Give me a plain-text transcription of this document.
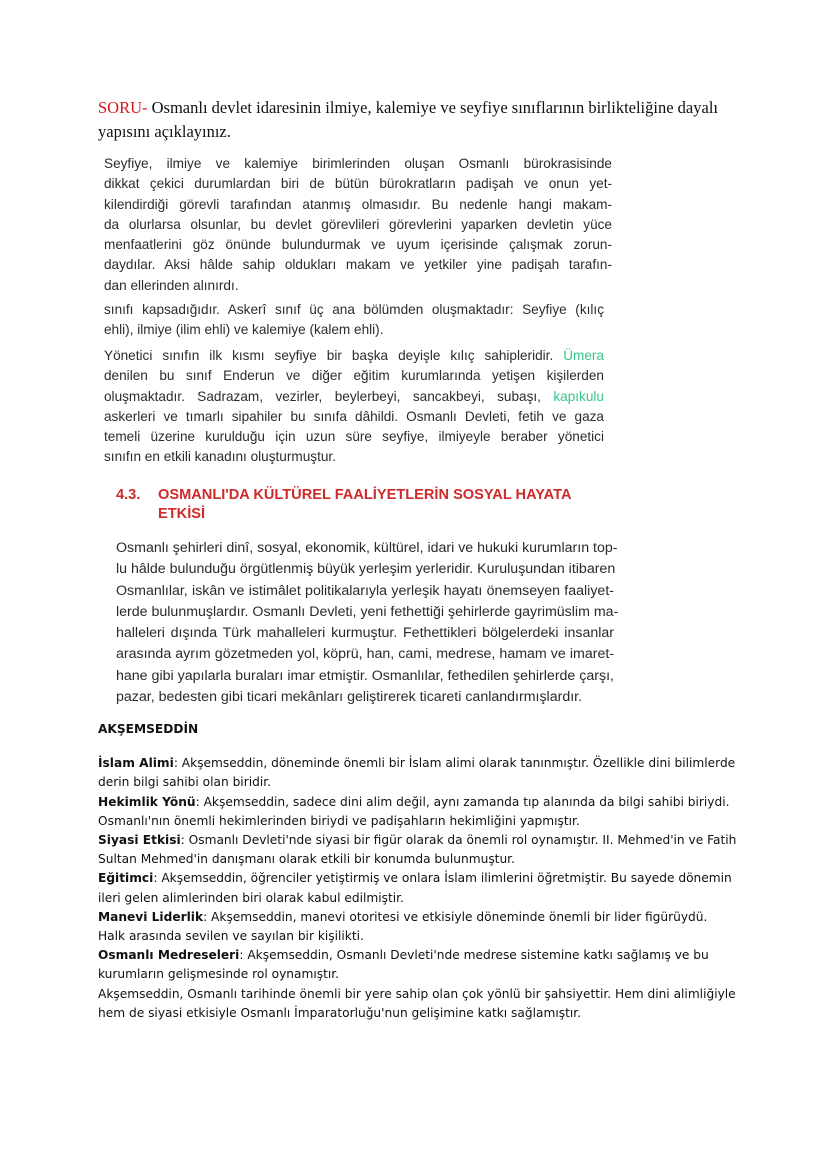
SORU- Osmanlı devlet idaresinin ilmiye, kalemiye ve seyfiye sınıflarının birlikteliğine dayalı
yapısını açıklayınız.
Seyfiye, ilmiye ve kalemiye birimlerinden oluşan Osmanlı bürokrasisinde
dikkat çekici durumlardan biri de bütün bürokratların padişah ve onun yet-
kilendirdiği görevli tarafından atanmış olmasıdır. Bu nedenle hangi makam-
da olurlarsa olsunlar, bu devlet görevlileri görevlerini yaparken devletin yüce
menfaatlerini göz önünde bulundurmak ve uyum içerisinde çalışmak zorun-
daydılar. Aksi hâlde sahip oldukları makam ve yetkiler yine padişah tarafın-
dan ellerinden alınırdı.
sınıfı kapsadığıdır. Askerî sınıf üç ana bölümden oluşmaktadır: Seyfiye (kılıç
ehli), ilmiye (ilim ehli) ve kalemiye (kalem ehli).
Yönetici sınıfın ilk kısmı seyfiye bir başka deyişle kılıç sahipleridir. Ümera
denilen bu sınıf Enderun ve diğer eğitim kurumlarında yetişen kişilerden
oluşmaktadır. Sadrazam, vezirler, beylerbeyi, sancakbeyi, subaşı, kapıkulu
askerleri ve tımarlı sipahiler bu sınıfa dâhildi. Osmanlı Devleti, fetih ve gaza
temeli üzerine kurulduğu için uzun süre seyfiye, ilmiyeyle beraber yönetici
sınıfın en etkili kanadını oluşturmuştur.
4.3. OSMANLI'DA KÜLTÜREL FAALİYETLERİN SOSYAL HAYATA
ETKİSİ
Osmanlı şehirleri dinî, sosyal, ekonomik, kültürel, idari ve hukuki kurumların top-
lu hâlde bulunduğu örgütlenmiş büyük yerleşim yerleridir. Kuruluşundan itibaren
Osmanlılar, iskân ve istimâlet politikalarıyla yerleşik hayatı önemseyen faaliyet-
lerde bulunmuşlardır. Osmanlı Devleti, yeni fethettiği şehirlerde gayrimüslim ma-
halleleri dışında Türk mahalleleri kurmuştur. Fethettikleri bölgelerdeki insanlar
arasında ayrım gözetmeden yol, köprü, han, cami, medrese, hamam ve imaret-
hane gibi yapılarla buraları imar etmiştir. Osmanlılar, fethedilen şehirlerde çarşı,
pazar, bedesten gibi ticari mekânları geliştirerek ticareti canlandırmışlardır.
AKŞEMSEDDİN

İslam Alimi: Akşemseddin, döneminde önemli bir İslam alimi olarak tanınmıştır. Özellikle dini bilimlerde derin bilgi sahibi olan biridir.

Hekimlik Yönü: Akşemseddin, sadece dini alim değil, aynı zamanda tıp alanında da bilgi sahibi biriydi. Osmanlı'nın önemli hekimlerinden biriydi ve padişahların hekimliğini yapmıştır.

Siyasi Etkisi: Osmanlı Devleti'nde siyasi bir figür olarak da önemli rol oynamıştır. II. Mehmed'in ve Fatih Sultan Mehmed'in danışmanı olarak etkili bir konumda bulunmuştur.

Eğitimci: Akşemseddin, öğrenciler yetiştirmiş ve onlara İslam ilimlerini öğretmiştir. Bu sayede dönemin ileri gelen alimlerinden biri olarak kabul edilmiştir.

Manevi Liderlik: Akşemseddin, manevi otoritesi ve etkisiyle döneminde önemli bir lider figürüydü. Halk arasında sevilen ve sayılan bir kişilikti.

Osmanlı Medreseleri: Akşemseddin, Osmanlı Devleti'nde medrese sistemine katkı sağlamış ve bu kurumların gelişmesinde rol oynamıştır.

Akşemseddin, Osmanlı tarihinde önemli bir yere sahip olan çok yönlü bir şahsiyettir. Hem dini alimliğiyle hem de siyasi etkisiyle Osmanlı İmparatorluğu'nun gelişimine katkı sağlamıştır.
